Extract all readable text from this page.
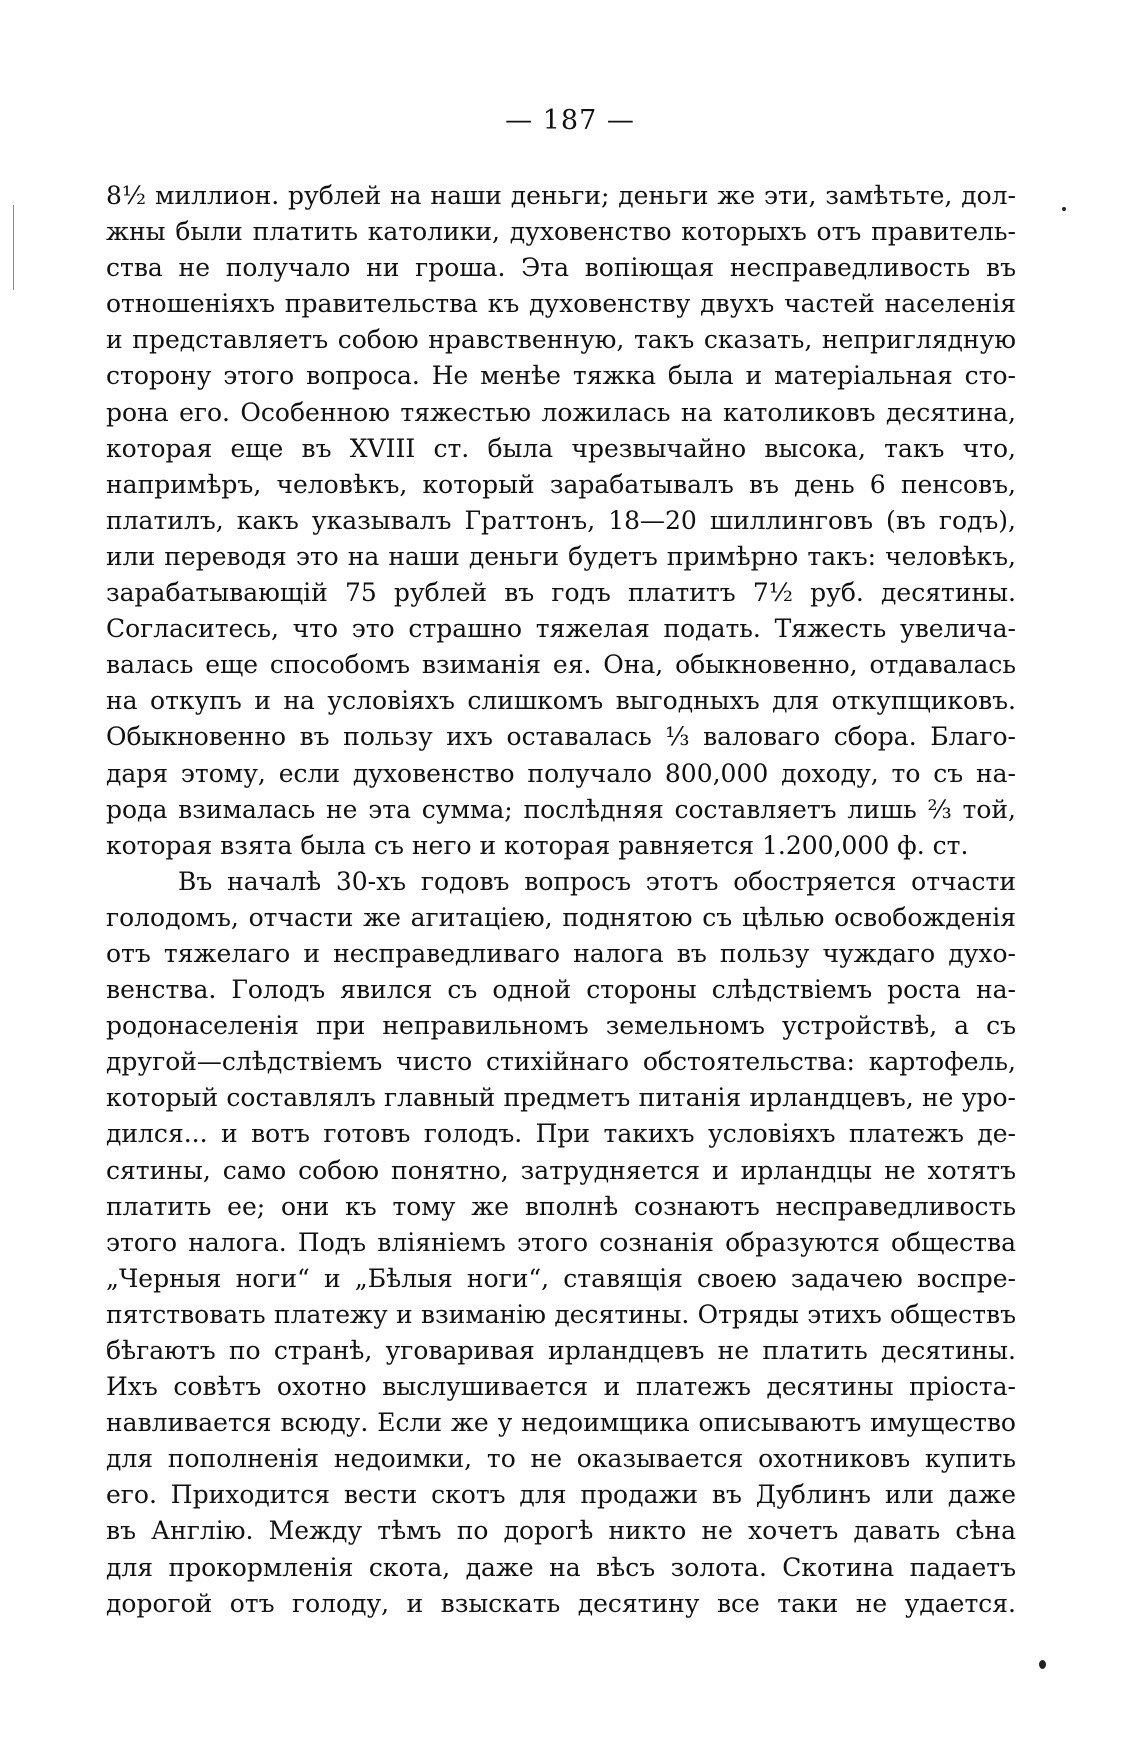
— 187 —
8½ миллион. рублей на наши деньги; деньги же эти, замѣтьте, дол-
жны были платить католики, духовенство которыхъ отъ правитель-
ства не получало ни гроша. Эта вопіющая несправедливость въ
отношеніяхъ правительства къ духовенству двухъ частей населенія
и представляетъ собою нравственную, такъ сказать, неприглядную
сторону этого вопроса. Не менѣе тяжка была и матеріальная сто-
рона его. Особенною тяжестью ложилась на католиковъ десятина,
которая еще въ XVIII ст. была чрезвычайно высока, такъ что,
напримѣръ, человѣкъ, который зарабатывалъ въ день 6 пенсовъ,
платилъ, какъ указывалъ Граттонъ, 18—20 шиллинговъ (въ годъ),
или переводя это на наши деньги будетъ примѣрно такъ: человѣкъ,
зарабатывающій 75 рублей въ годъ платитъ 7½ руб. десятины.
Согласитесь, что это страшно тяжелая подать. Тяжесть увелича-
валась еще способомъ взиманія ея. Она, обыкновенно, отдавалась
на откупъ и на условіяхъ слишкомъ выгодныхъ для откупщиковъ.
Обыкновенно въ пользу ихъ оставалась ⅓ валоваго сбора. Благо-
даря этому, если духовенство получало 800,000 доходу, то съ на-
рода взималась не эта сумма; послѣдняя составляетъ лишь ⅔ той,
которая взята была съ него и которая равняется 1.200,000 ф. ст.
Въ началѣ 30-хъ годовъ вопросъ этотъ обостряется отчасти
голодомъ, отчасти же агитаціею, поднятою съ цѣлью освобожденія
отъ тяжелаго и несправедливаго налога въ пользу чуждаго духо-
венства. Голодъ явился съ одной стороны слѣдствіемъ роста на-
родонаселенія при неправильномъ земельномъ устройствѣ, а съ
другой—слѣдствіемъ чисто стихійнаго обстоятельства: картофель,
который составлялъ главный предметъ питанія ирландцевъ, не уро-
дился... и вотъ готовъ голодъ. При такихъ условіяхъ платежъ де-
сятины, само собою понятно, затрудняется и ирландцы не хотятъ
платить ее; они къ тому же вполнѣ сознаютъ несправедливость
этого налога. Подъ вліяніемъ этого сознанія образуются общества
„Черныя ноги“ и „Бѣлыя ноги“, ставящія своею задачею воспре-
пятствовать платежу и взиманію десятины. Отряды этихъ обществъ
бѣгаютъ по странѣ, уговаривая ирландцевъ не платить десятины.
Ихъ совѣтъ охотно выслушивается и платежъ десятины пріоста-
навливается всюду. Если же у недоимщика описываютъ имущество
для пополненія недоимки, то не оказывается охотниковъ купить
его. Приходится вести скотъ для продажи въ Дублинъ или даже
въ Англію. Между тѣмъ по дорогѣ никто не хочетъ давать сѣна
для прокормленія скота, даже на вѣсъ золота. Скотина падаетъ
дорогой отъ голоду, и взыскать десятину все таки не удается.
